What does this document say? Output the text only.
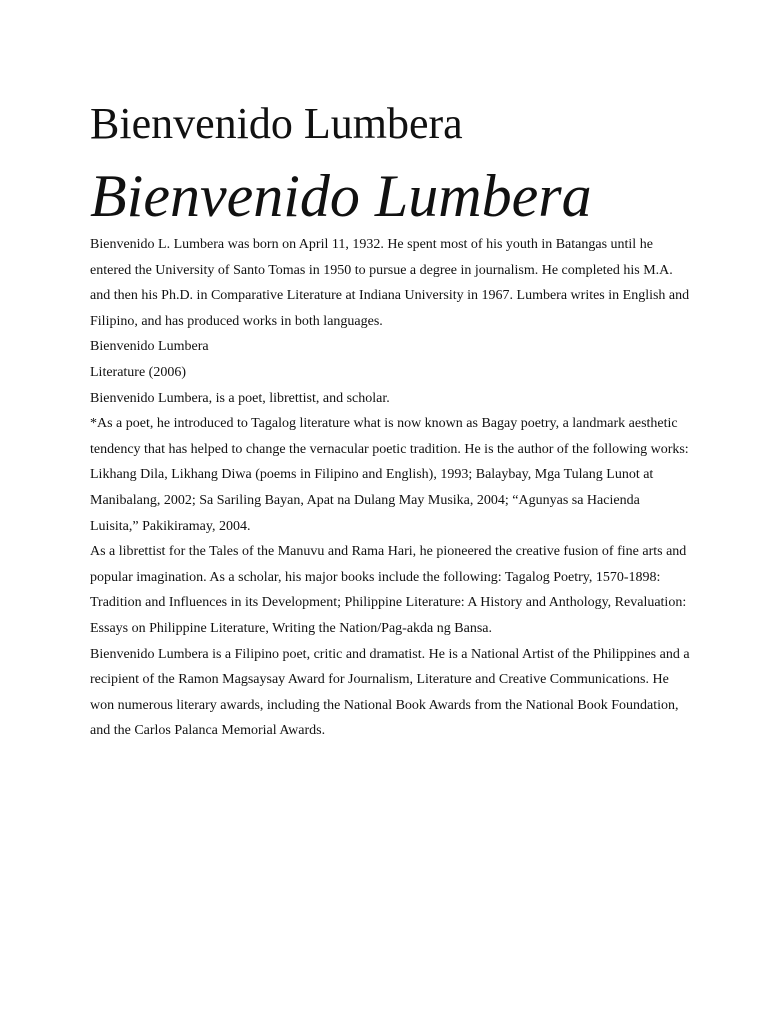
Bienvenido Lumbera
Bienvenido Lumbera

Bienvenido L. Lumbera was born on April 11, 1932. He spent most of his youth in Batangas until he entered the University of Santo Tomas in 1950 to pursue a degree in journalism. He completed his M.A. and then his Ph.D. in Comparative Literature at Indiana University in 1967. Lumbera writes in English and Filipino, and has produced works in both languages.

Bienvenido Lumbera

Literature (2006)

Bienvenido Lumbera, is a poet, librettist, and scholar.

*As a poet, he introduced to Tagalog literature what is now known as Bagay poetry, a landmark aesthetic tendency that has helped to change the vernacular poetic tradition. He is the author of the following works: Likhang Dila, Likhang Diwa (poems in Filipino and English), 1993; Balaybay, Mga Tulang Lunot at Manibalang, 2002; Sa Sariling Bayan, Apat na Dulang May Musika, 2004; “Agunyas sa Hacienda Luisita,” Pakikiramay, 2004.

As a librettist for the Tales of the Manuvu and Rama Hari, he pioneered the creative fusion of fine arts and popular imagination. As a scholar, his major books include the following: Tagalog Poetry, 1570-1898: Tradition and Influences in its Development; Philippine Literature: A History and Anthology, Revaluation: Essays on Philippine Literature, Writing the Nation/Pag-akda ng Bansa.

Bienvenido Lumbera is a Filipino poet, critic and dramatist. He is a National Artist of the Philippines and a recipient of the Ramon Magsaysay Award for Journalism, Literature and Creative Communications. He won numerous literary awards, including the National Book Awards from the National Book Foundation, and the Carlos Palanca Memorial Awards.
